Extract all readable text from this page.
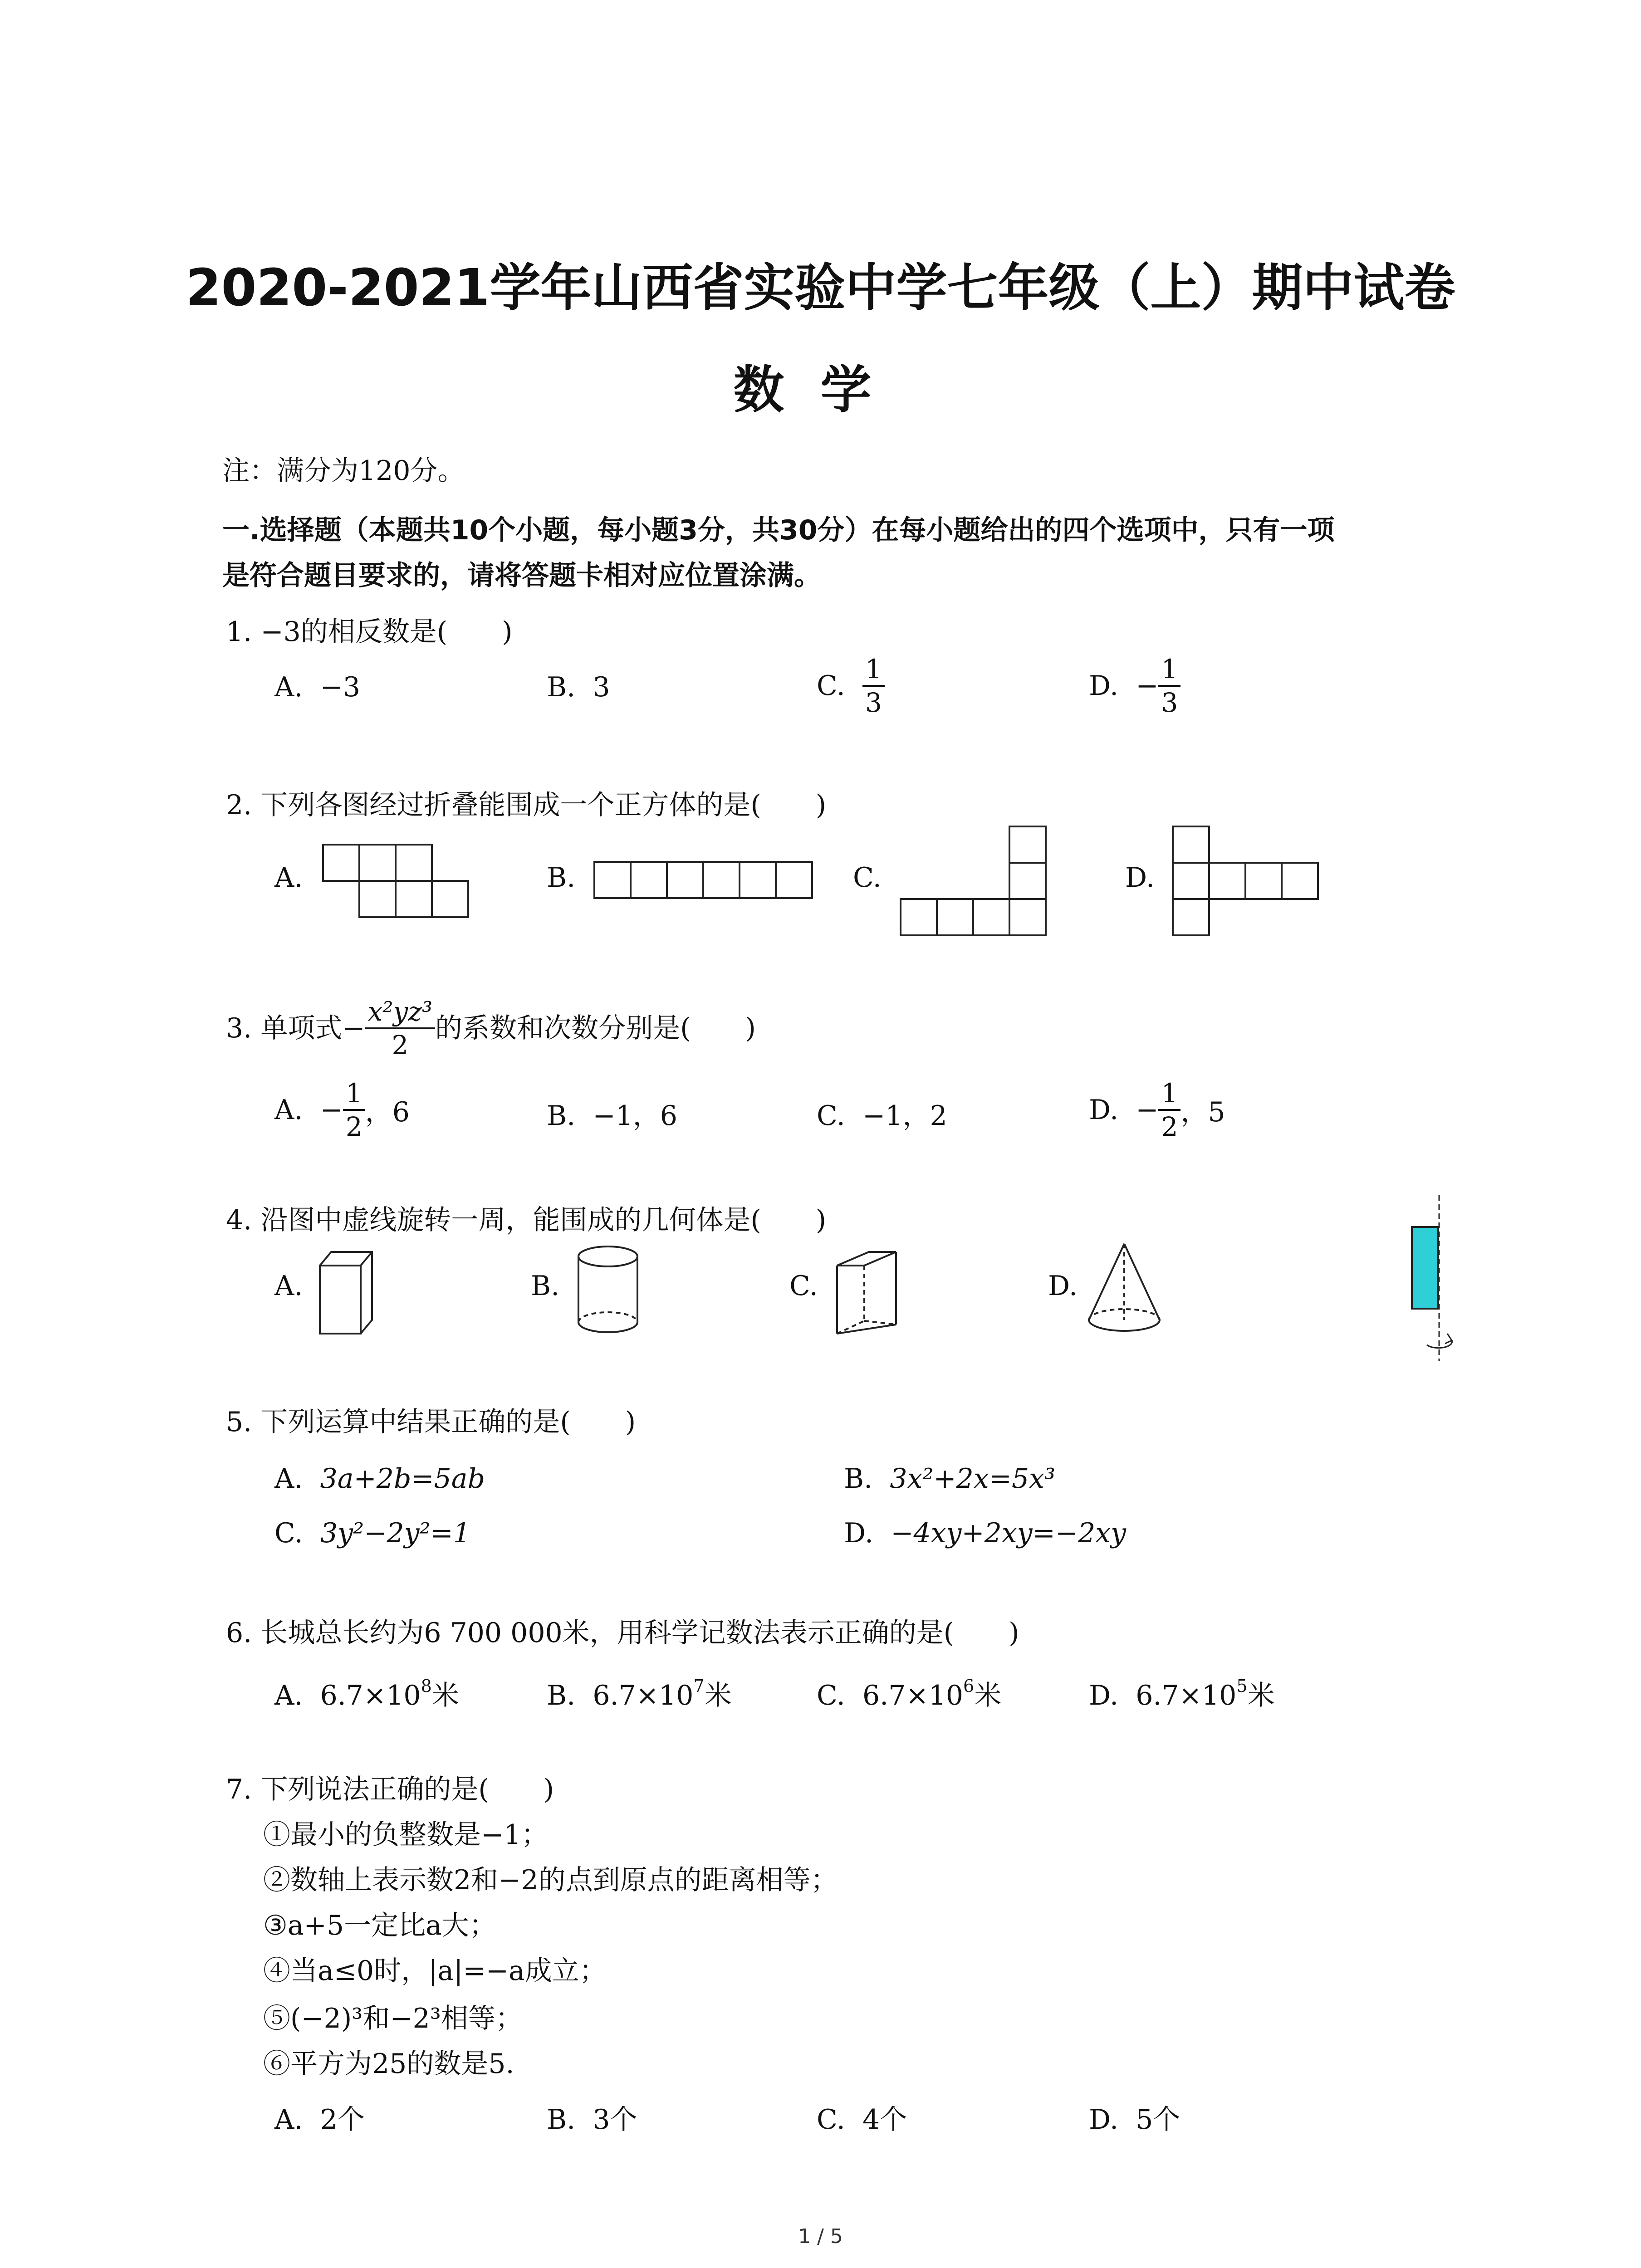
2020-2021学年山西省实验中学七年级（上）期中试卷
数学
注：满分为120分。
一.选择题（本题共10个小题，每小题3分，共30分）在每小题给出的四个选项中，只有一项
是符合题目要求的，请将答题卡相对应位置涂满。
1. −3的相反数是(　　)
A. −3	B. 3	C. $\frac{1}{3}$	D. − $\frac{1}{3}$
2. 下列各图经过折叠能围成一个正方体的是(　　)
A.	B.	C.	D.
3. 单项式− $\frac{\text{x²yz³}}{2}$ 的系数和次数分别是(　　)
A. − $\frac{1}{2}$ ，6	B. −1，6	C. −1，2	D. − $\frac{1}{2}$ ，5
4. 沿图中虚线旋转一周，能围成的几何体是(　　)
A.	B.	C.	D.
5. 下列运算中结果正确的是(　　)
A. 3a+2b=5ab	B. 3x²+2x=5x³
C. 3y²−2y²=1	D. −4xy+2xy=−2xy
6. 长城总长约为6 700 000米，用科学记数法表示正确的是(　　)
A. $6.7\times 10^8$米	B. $6.7\times 10^7$米	C. $6.7\times 10^6$米	D. $6.7\times 10^5$米
7. 下列说法正确的是(　　)
①最小的负整数是−1；
②数轴上表示数2和−2的点到原点的距离相等；
③a+5一定比a大；
④当a≤0时，|a|=−a成立；
⑤(−2)³和−2³相等；
⑥平方为25的数是5.
A. 2个	B. 3个	C. 4个	D. 5个
1 / 5
